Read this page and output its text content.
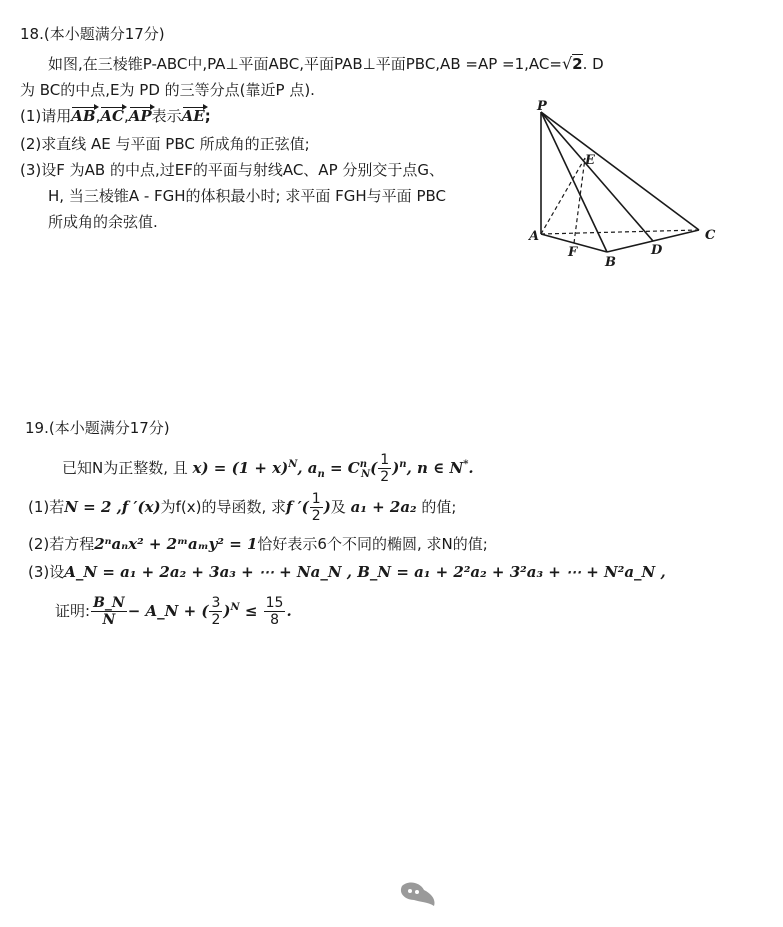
18.(本小题满分17分)
如图,在三棱锥P-ABC中,PA⊥平面ABC,平面PAB⊥平面PBC,AB =AP =1,AC=√2. D
为 BC的中点,E为 PD 的三等分点(靠近P 点).
(1)请用AB,AC,AP表示AE;
(2)求直线 AE 与平面 PBC 所成角的正弦值;
(3)设F 为AB 的中点,过EF的平面与射线AC、AP 分别交于点G、
H, 当三棱锥A - FGH的体积最小时; 求平面 FGH与平面 PBC
所成角的余弦值.
P
E
A
F
B
D
C
19.(本小题满分17分)
已知N为正整数, 且 $x) = (1 + x)^N$, $a_n = C^n_N( \frac{1}{2} )^n$, n ∈ N*.
(1)若N = 2 ,f ′(x)为f(x)的导函数, 求f ′( $\frac{1}{2}$ )及 a₁ + 2a₂ 的值;
(2)若方程2ⁿaₙx² + 2ᵐaₘy² = 1恰好表示6个不同的椭圆, 求N的值;
(3)设A_N = a₁ + 2a₂ + 3a₃ + ⋯ + Na_N , B_N = a₁ + 2²a₂ + 3²a₃ + ⋯ + N²a_N ,
证明: $\frac{B\_N}{N}$ − A_N + ( $\frac{3}{2} )^N \le \frac{15}{8}$ .
